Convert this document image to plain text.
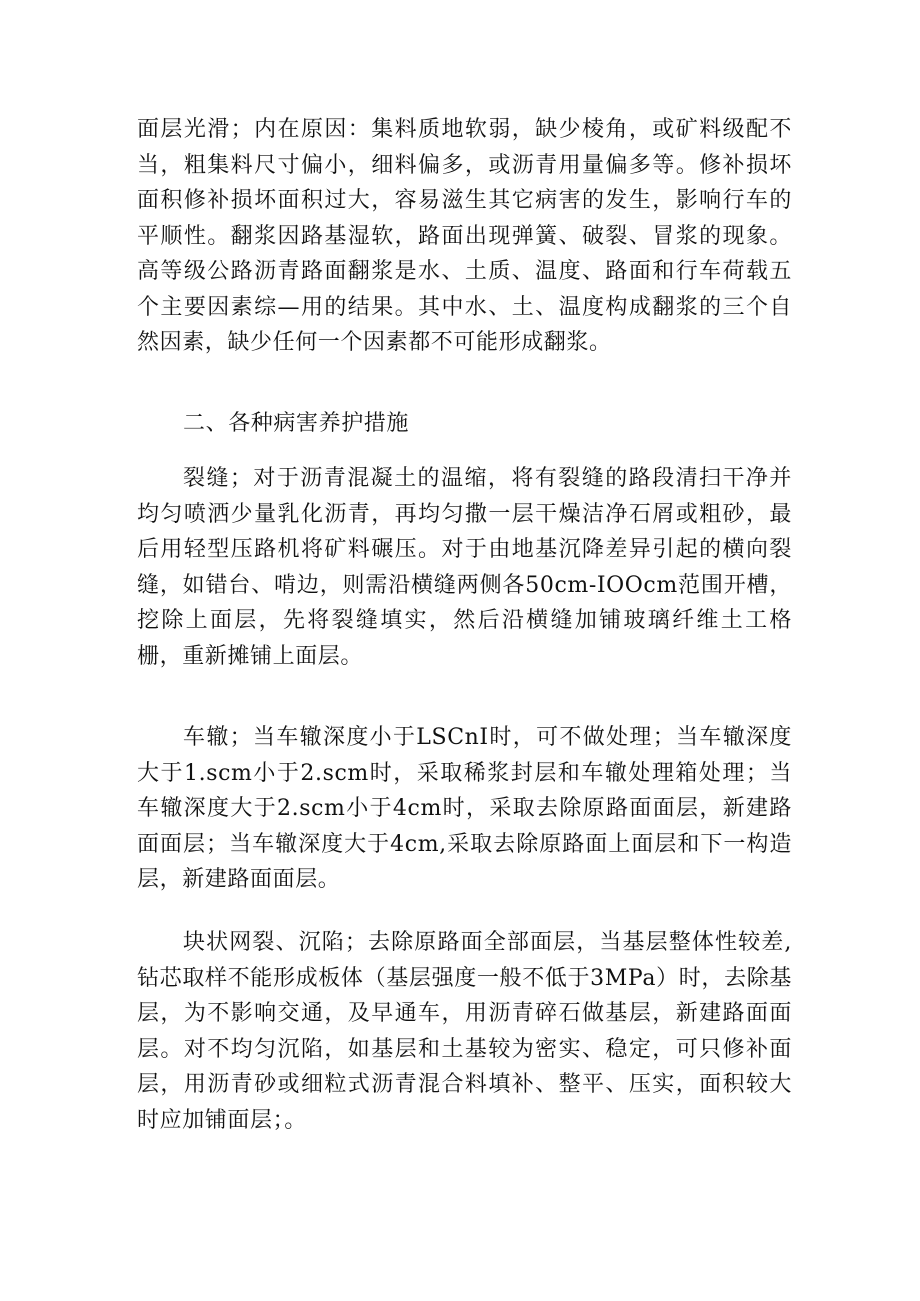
面层光滑；内在原因：集料质地软弱，缺少棱角，或矿料级配不当，粗集料尺寸偏小，细料偏多，或沥青用量偏多等。修补损坏面积修补损坏面积过大，容易滋生其它病害的发生，影响行车的平顺性。翻浆因路基湿软，路面出现弹簧、破裂、冒浆的现象。高等级公路沥青路面翻浆是水、土质、温度、路面和行车荷载五个主要因素综—用的结果。其中水、土、温度构成翻浆的三个自然因素，缺少任何一个因素都不可能形成翻浆。

二、各种病害养护措施

裂缝；对于沥青混凝土的温缩，将有裂缝的路段清扫干净并均匀喷洒少量乳化沥青，再均匀撒一层干燥洁净石屑或粗砂，最后用轻型压路机将矿料碾压。对于由地基沉降差异引起的横向裂缝，如错台、啃边，则需沿横缝两侧各50cm-IOOcm范围开槽，挖除上面层，先将裂缝填实，然后沿横缝加铺玻璃纤维土工格栅，重新摊铺上面层。

车辙；当车辙深度小于LSCnI时，可不做处理；当车辙深度大于1.scm小于2.scm时，采取稀浆封层和车辙处理箱处理；当车辙深度大于2.scm小于4cm时，采取去除原路面面层，新建路面面层；当车辙深度大于4cm,采取去除原路面上面层和下一构造层，新建路面面层。

块状网裂、沉陷；去除原路面全部面层，当基层整体性较差,钻芯取样不能形成板体（基层强度一般不低于3MPa）时，去除基层，为不影响交通，及早通车，用沥青碎石做基层，新建路面面层。对不均匀沉陷，如基层和土基较为密实、稳定，可只修补面层，用沥青砂或细粒式沥青混合料填补、整平、压实，面积较大时应加铺面层；。
